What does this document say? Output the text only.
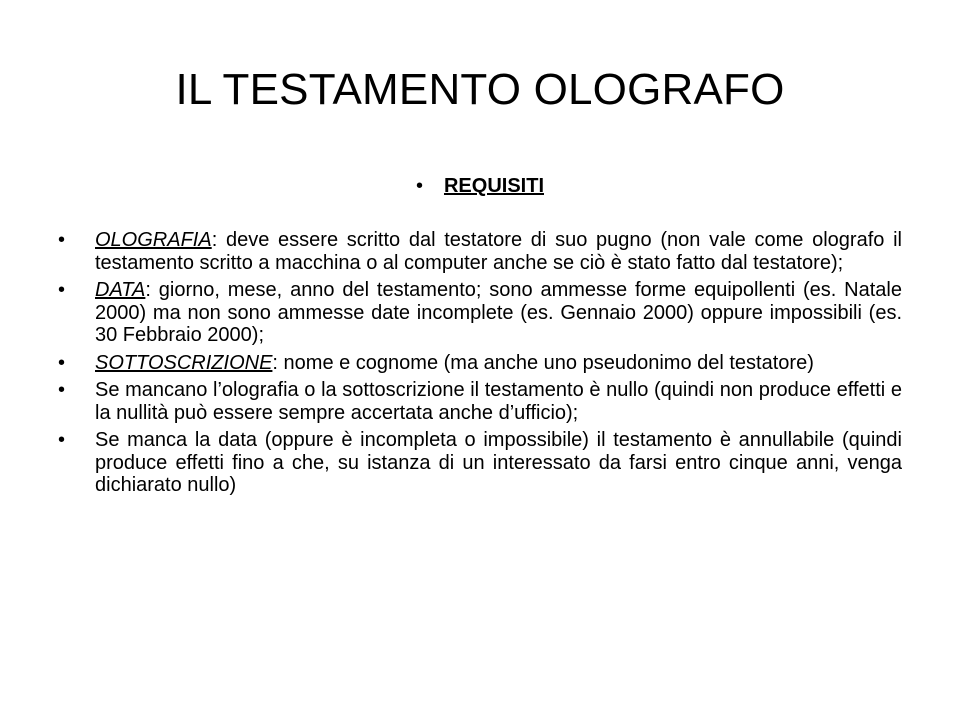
IL TESTAMENTO OLOGRAFO
• REQUISITI
• OLOGRAFIA: deve essere scritto dal testatore di suo pugno (non vale come olografo il testamento scritto a macchina o al computer anche se ciò è stato fatto dal testatore);
• DATA: giorno, mese, anno del testamento; sono ammesse forme equipollenti (es. Natale 2000) ma non sono ammesse date incomplete (es. Gennaio 2000) oppure impossibili (es. 30 Febbraio 2000);
• SOTTOSCRIZIONE: nome e cognome (ma anche uno pseudonimo del testatore)
• Se mancano l’olografia o la sottoscrizione il testamento è nullo (quindi non produce effetti e la nullità può essere sempre accertata anche d’ufficio);
• Se manca la data (oppure è incompleta o impossibile) il testamento è annullabile (quindi produce effetti fino a che, su istanza di un interessato da farsi entro cinque anni, venga dichiarato nullo)
